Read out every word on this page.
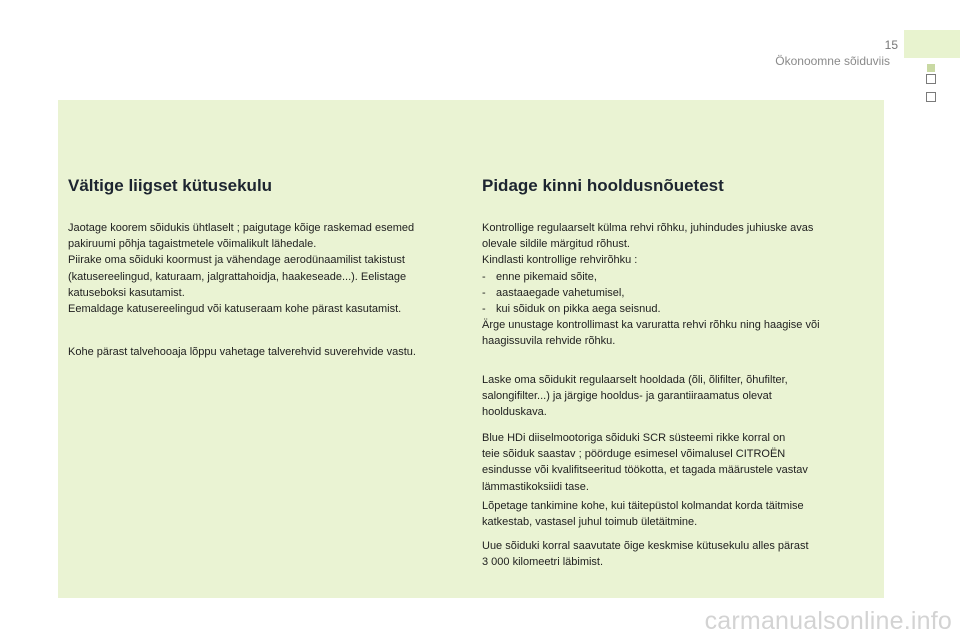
15
Ökonoomne sõiduviis
Vältige liigset kütusekulu

Jaotage koorem sõidukis ühtlaselt ; paigutage kõige raskemad esemed
pakiruumi põhja tagaistmetele võimalikult lähedale.
Piirake oma sõiduki koormust ja vähendage aerodünaamilist takistust
(katusereelingud, katuraam, jalgrattahoidja, haakeseade...). Eelistage
katuseboksi kasutamist.
Eemaldage katusereelingud või katuseraam kohe pärast kasutamist.

Kohe pärast talvehooaja lõppu vahetage talverehvid suverehvide vastu.

Pidage kinni hooldusnõuetest

Kontrollige regulaarselt külma rehvi rõhku, juhindudes juhiuske avas
olevale sildile märgitud rõhust.
Kindlasti kontrollige rehvirõhku :
- enne pikemaid sõite,
- aastaaegade vahetumisel,
- kui sõiduk on pikka aega seisnud.
Ärge unustage kontrollimast ka varuratta rehvi rõhku ning haagise või
haagissuvila rehvide rõhku.

Laske oma sõidukit regulaarselt hooldada (õli, õlifilter, õhufilter,
salongifilter...) ja järgige hooldus- ja garantiiraamatus olevat
hoolduskava.

Blue HDi diiselmootoriga sõiduki SCR süsteemi rikke korral on
teie sõiduk saastav ; pöörduge esimesel võimalusel CITROËN
esindusse või kvalifitseeritud töökotta, et tagada määrustele vastav
lämmastikoksiidi tase.

Lõpetage tankimine kohe, kui täitepüstol kolmandat korda täitmise
katkestab, vastasel juhul toimub ületäitmine.

Uue sõiduki korral saavutate õige keskmise kütusekulu alles pärast
3 000 kilomeetri läbimist.

carmanualsonline.info
